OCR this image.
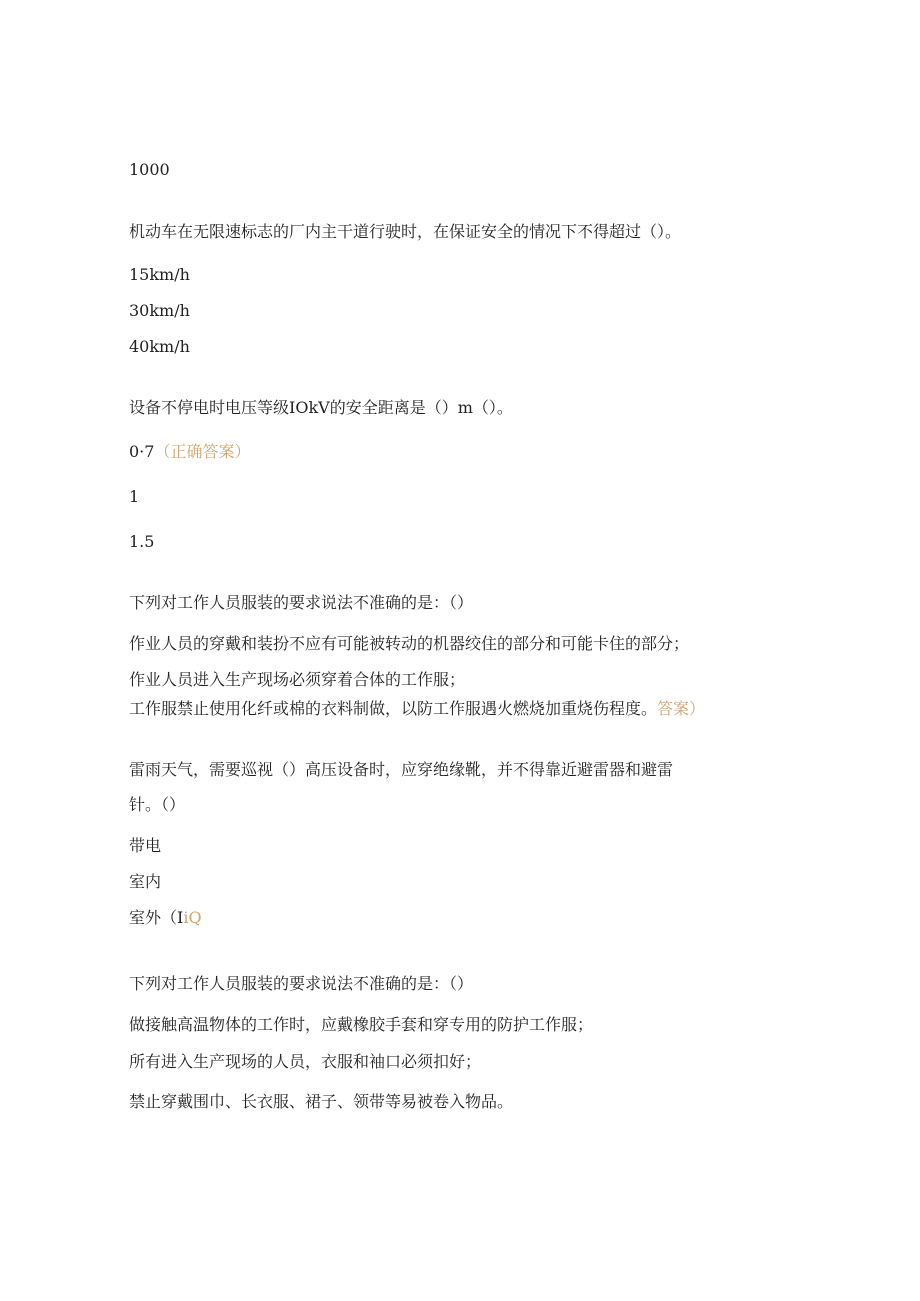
1000
机动车在无限速标志的厂内主干道行驶时，在保证安全的情况下不得超过（）。
15km/h
30km/h
40km/h
设备不停电时电压等级IOkV的安全距离是（）m（）。
0·7（正确答案）
1
1.5
下列对工作人员服装的要求说法不准确的是：（）
作业人员的穿戴和装扮不应有可能被转动的机器绞住的部分和可能卡住的部分；
作业人员进入生产现场必须穿着合体的工作服；
工作服禁止使用化纤或棉的衣料制做，以防工作服遇火燃烧加重烧伤程度。答案）
雷雨天气，需要巡视（）高压设备时，应穿绝缘靴，并不得靠近避雷器和避雷
针。（）
带电
室内
室外（IiQ
下列对工作人员服装的要求说法不准确的是：（）
做接触高温物体的工作时，应戴橡胶手套和穿专用的防护工作服；
所有进入生产现场的人员，衣服和袖口必须扣好；
禁止穿戴围巾、长衣服、裙子、领带等易被卷入物品。
